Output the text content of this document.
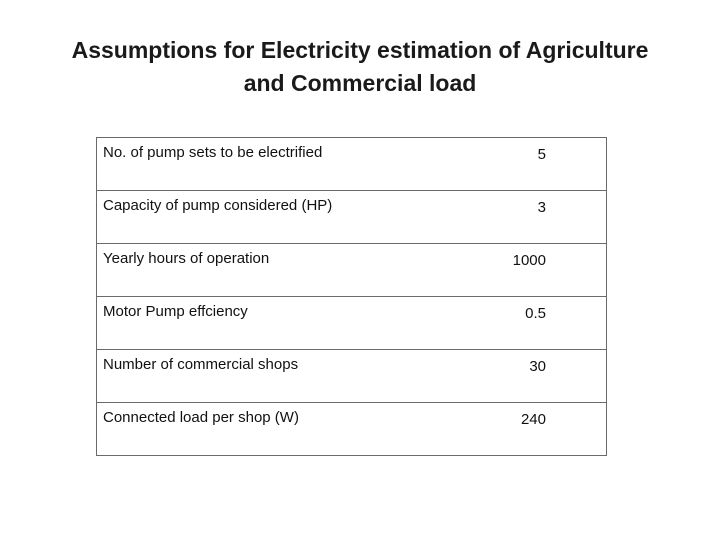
Assumptions for Electricity estimation of Agriculture
and Commercial load
No. of pump sets to be electrified	5
Capacity of pump considered (HP)	3
Yearly hours of operation	1000
Motor Pump effciency	0.5
Number of commercial shops	30
Connected load per shop (W)	240
